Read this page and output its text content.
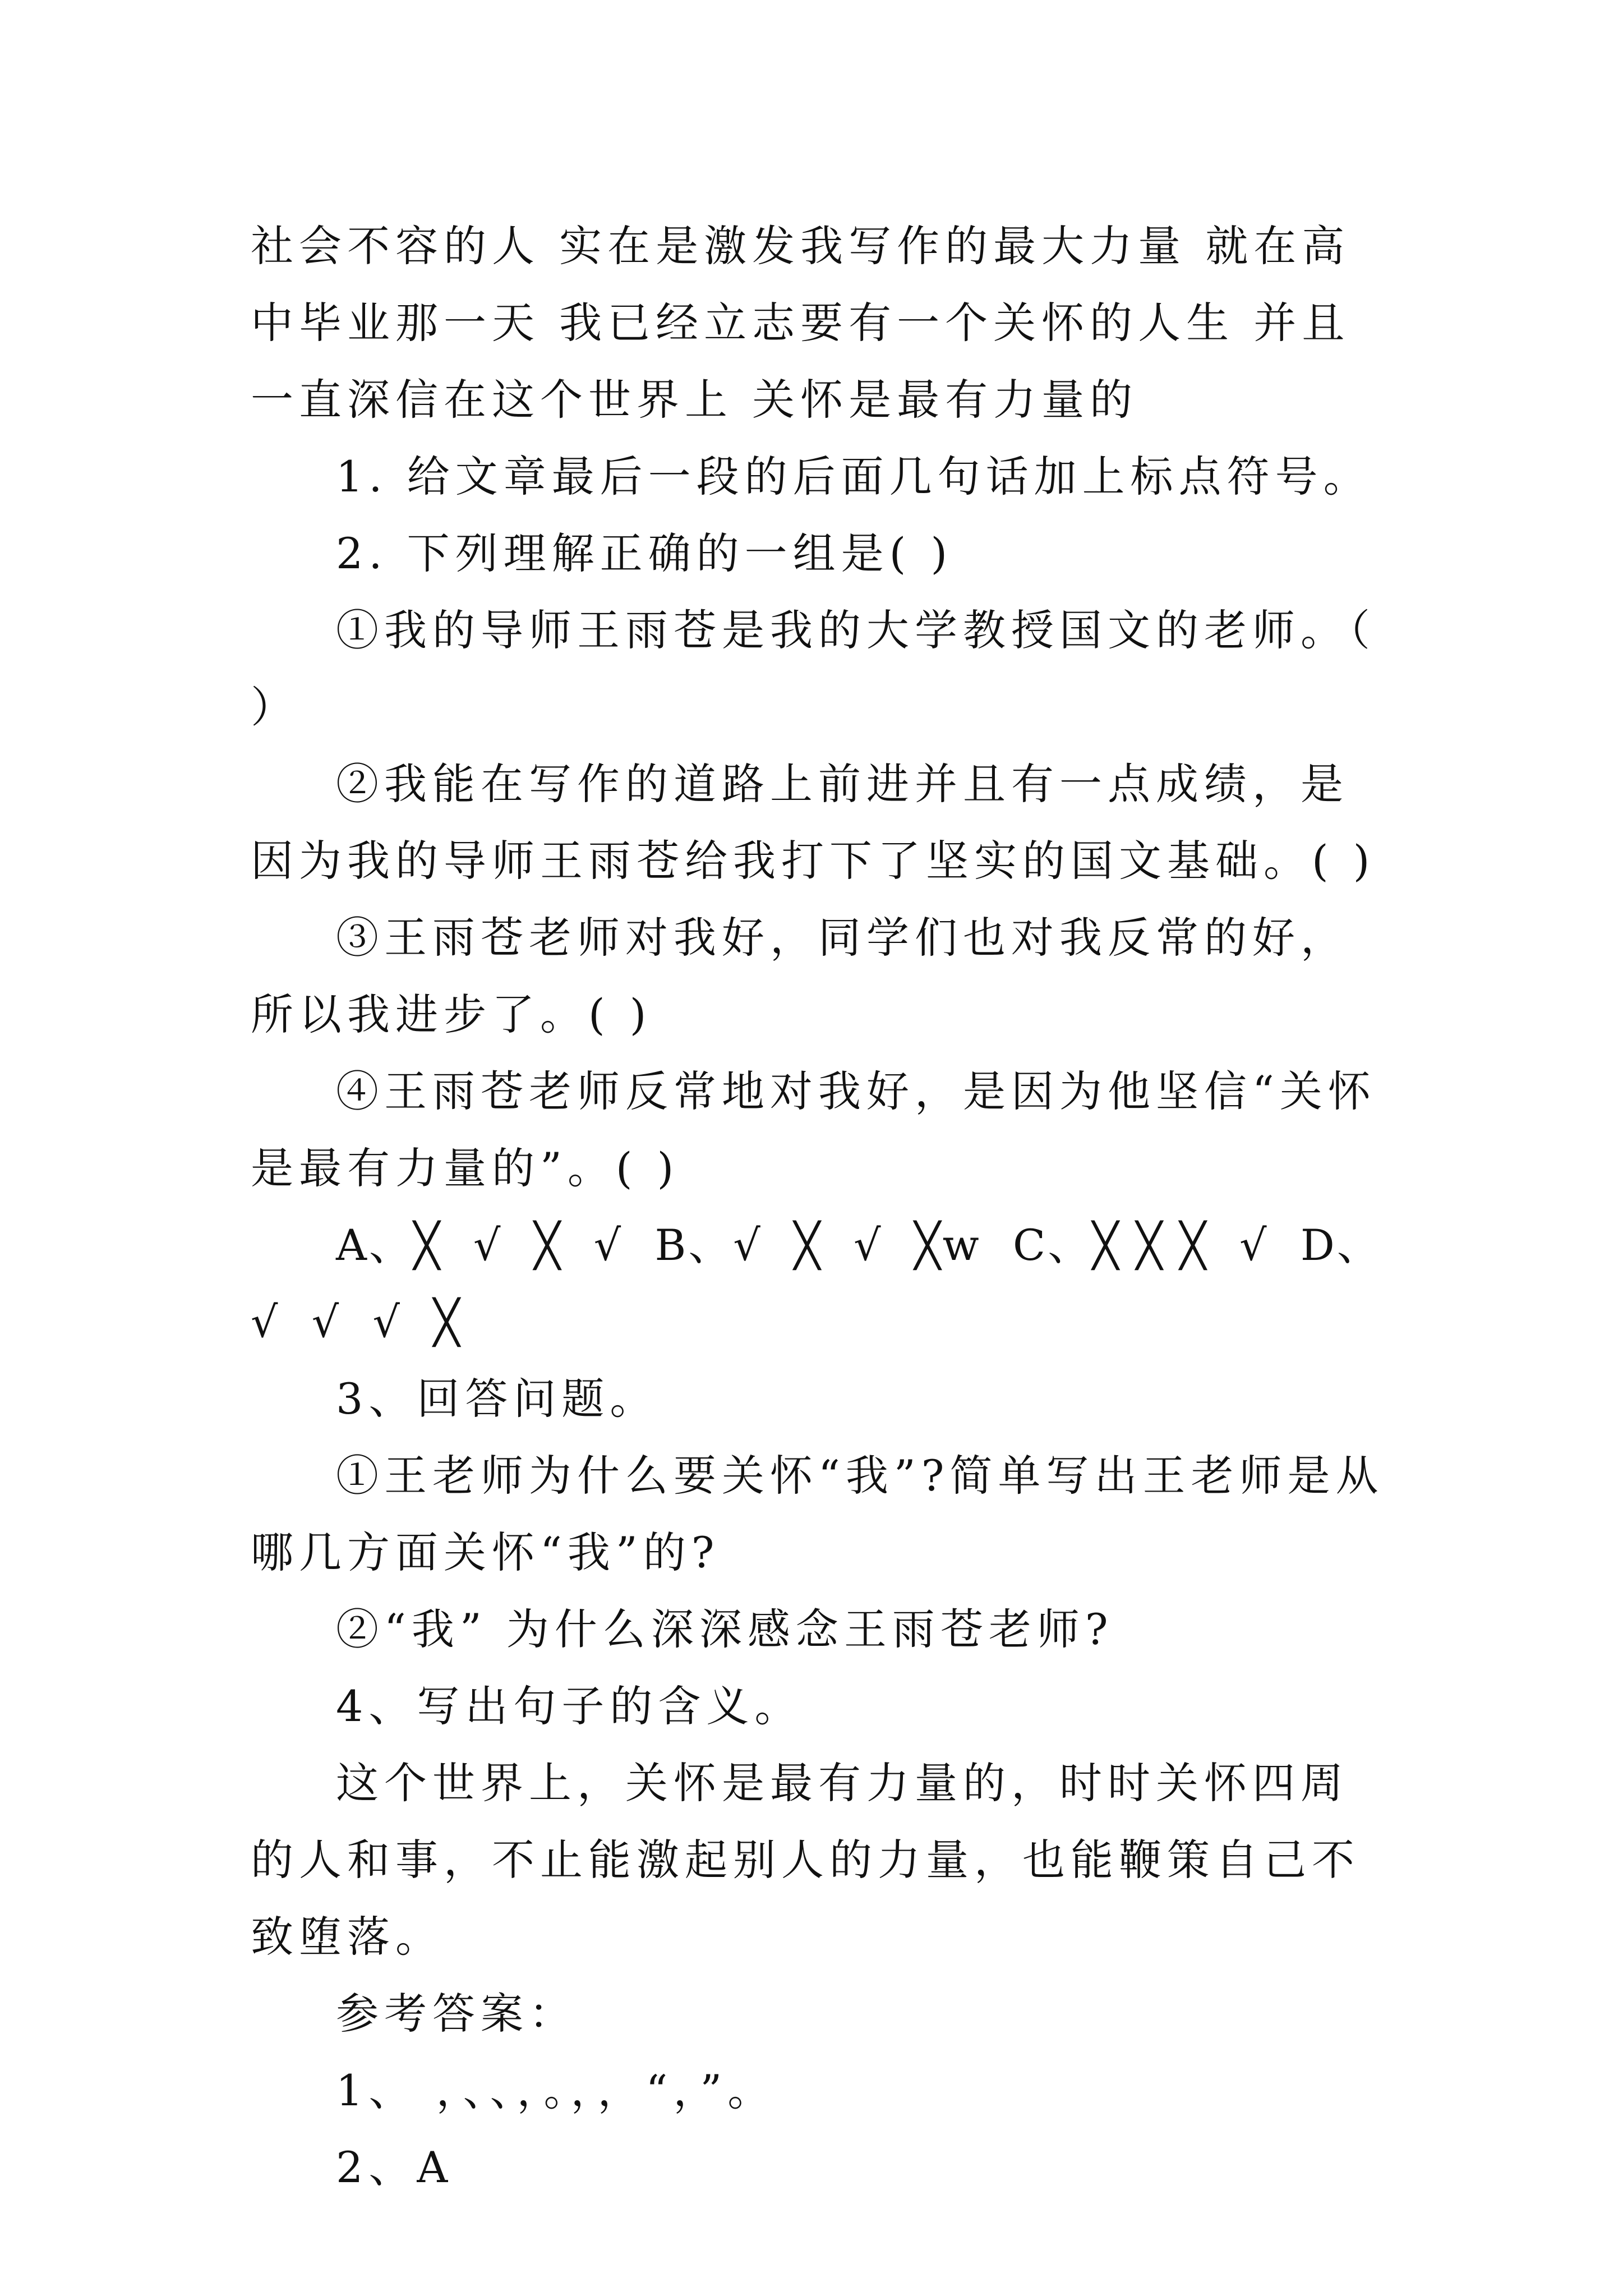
社会不容的人 实在是激发我写作的最大力量 就在高中毕业那一天 我已经立志要有一个关怀的人生 并且一直深信在这个世界上 关怀是最有力量的

1. 给文章最后一段的后面几句话加上标点符号。

2. 下列理解正确的一组是( )

①我的导师王雨苍是我的大学教授国文的老师。（ ）

②我能在写作的道路上前进并且有一点成绩，是因为我的导师王雨苍给我打下了坚实的国文基础。( )

③王雨苍老师对我好，同学们也对我反常的好，所以我进步了。( )

④王雨苍老师反常地对我好，是因为他坚信“关怀是最有力量的”。( )

A、╳  √  ╳  √  B、√  ╳  √  ╳w  C、╳ ╳ ╳  √  D、√  √  √  ╳

3、回答问题。

①王老师为什么要关怀“我”?简单写出王老师是从哪几方面关怀“我”的?

②“我” 为什么深深感念王雨苍老师?

4、写出句子的含义。

这个世界上，关怀是最有力量的，时时关怀四周的人和事，不止能激起别人的力量，也能鞭策自己不致堕落。

参考答案：

1、 ，、、，。，，“，”。

2、A
